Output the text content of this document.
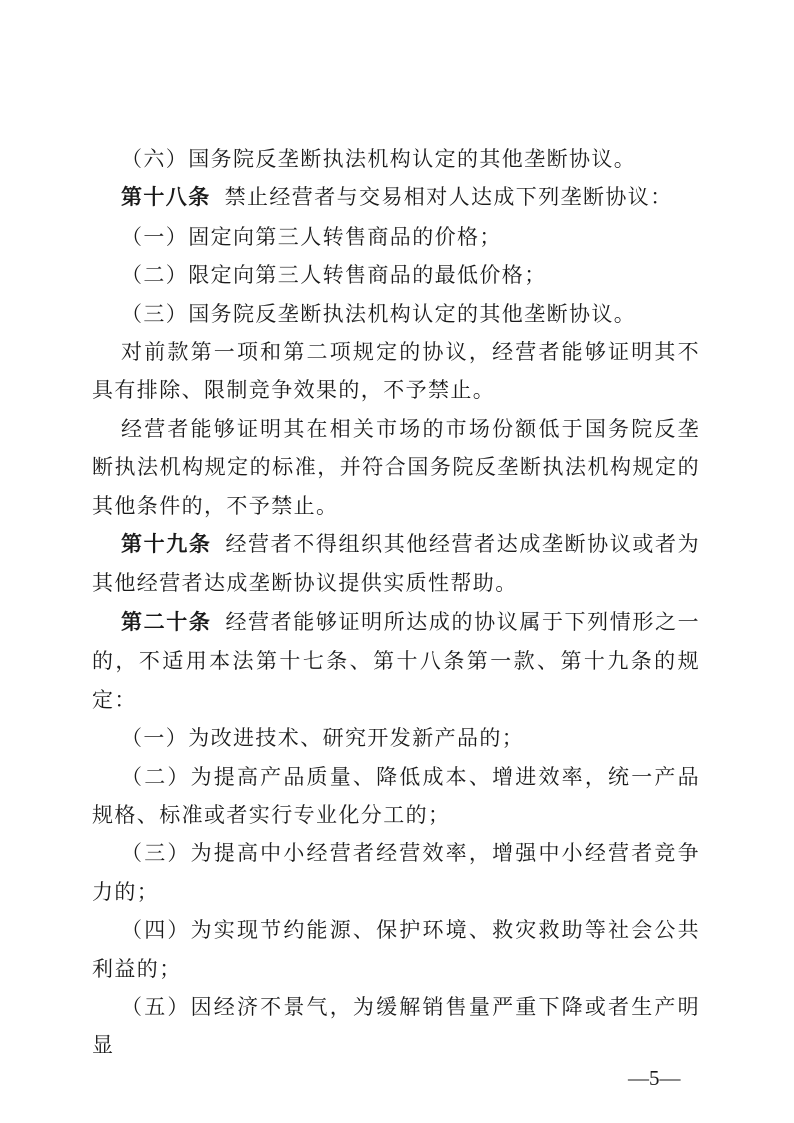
（六）国务院反垄断执法机构认定的其他垄断协议。

第十八条 禁止经营者与交易相对人达成下列垄断协议：

（一）固定向第三人转售商品的价格；

（二）限定向第三人转售商品的最低价格；

（三）国务院反垄断执法机构认定的其他垄断协议。

对前款第一项和第二项规定的协议，经营者能够证明其不具有排除、限制竞争效果的，不予禁止。

经营者能够证明其在相关市场的市场份额低于国务院反垄断执法机构规定的标准，并符合国务院反垄断执法机构规定的其他条件的，不予禁止。

第十九条 经营者不得组织其他经营者达成垄断协议或者为其他经营者达成垄断协议提供实质性帮助。

第二十条 经营者能够证明所达成的协议属于下列情形之一的，不适用本法第十七条、第十八条第一款、第十九条的规定：

（一）为改进技术、研究开发新产品的；

（二）为提高产品质量、降低成本、增进效率，统一产品规格、标准或者实行专业化分工的；

（三）为提高中小经营者经营效率，增强中小经营者竞争力的；

（四）为实现节约能源、保护环境、救灾救助等社会公共利益的；

（五）因经济不景气，为缓解销售量严重下降或者生产明显

—5—
